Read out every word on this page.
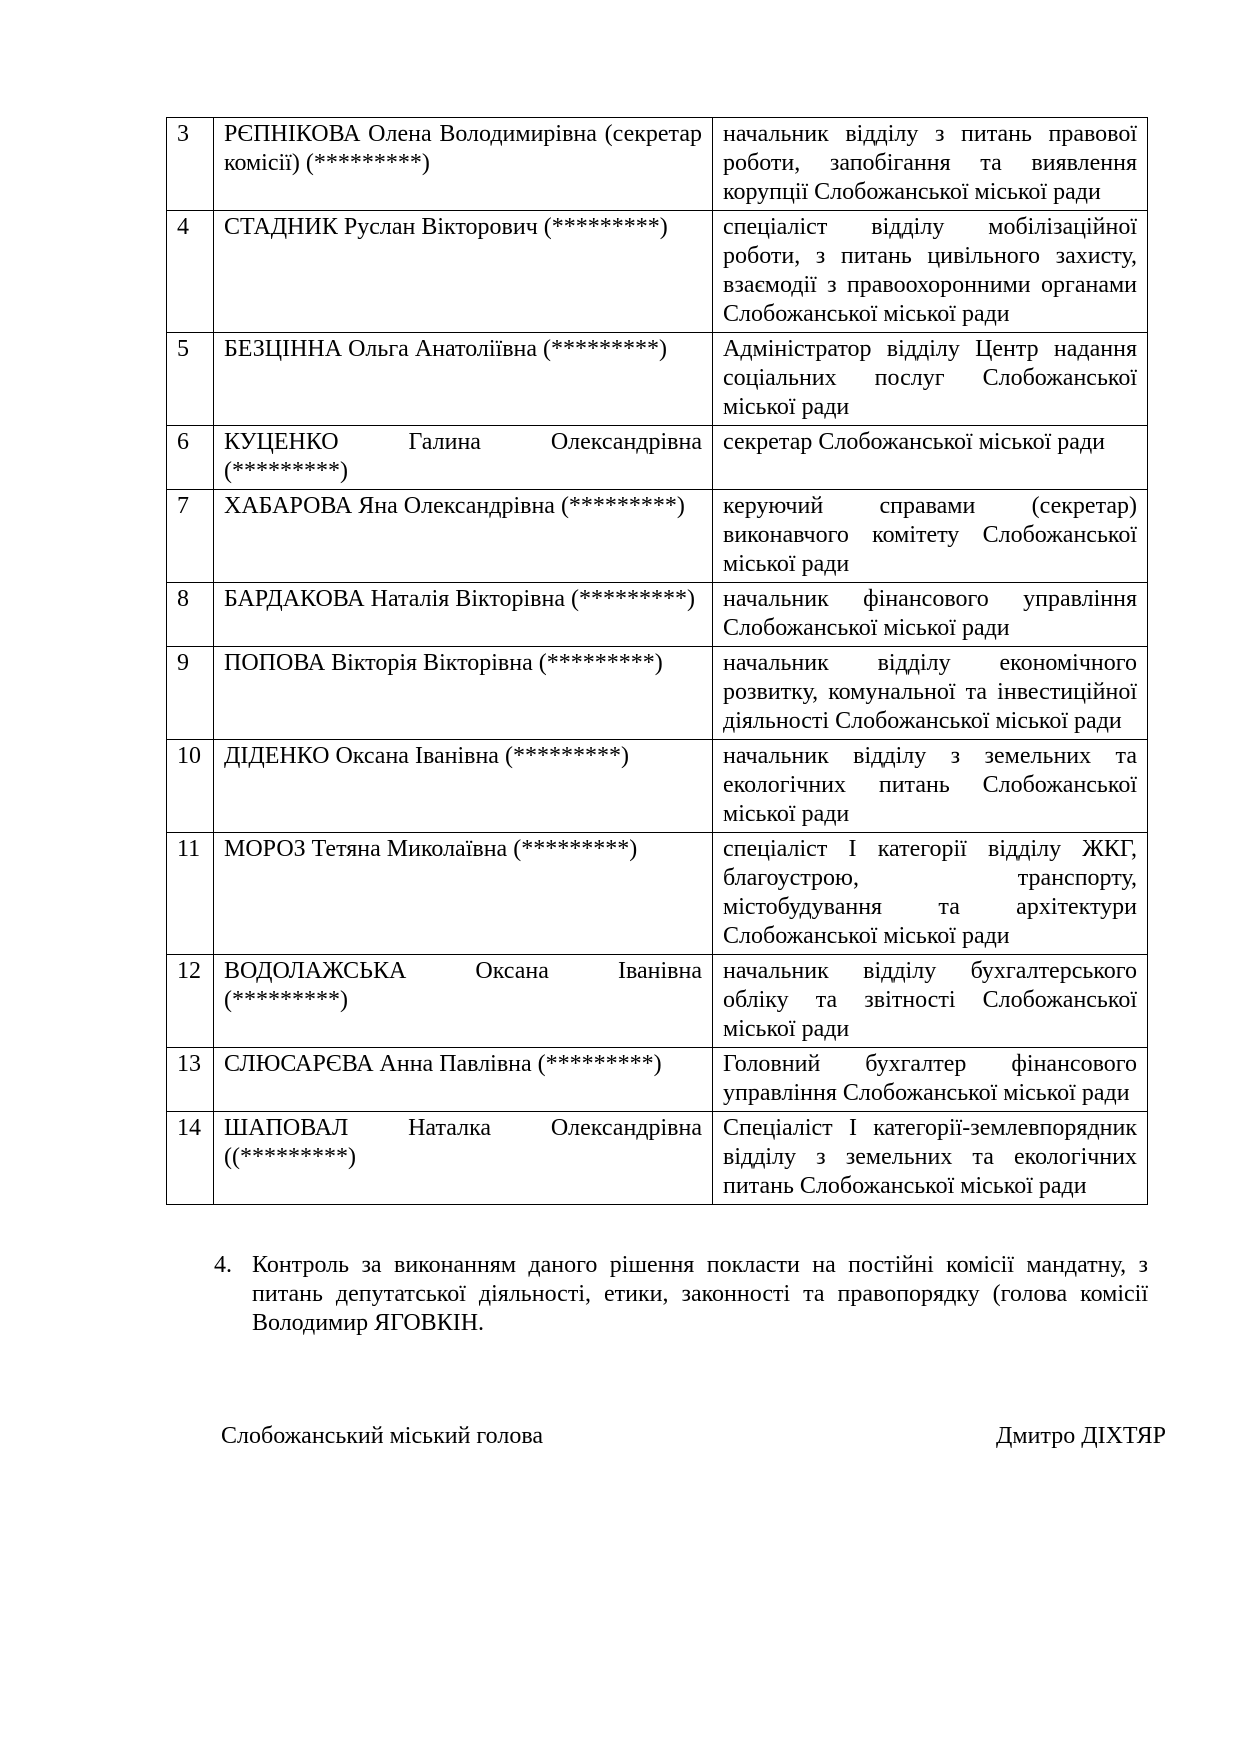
3	РЄПНІКОВА Олена Володимирівна (секретар комісії) (*********)	начальник відділу з питань правової роботи, запобігання та виявлення корупції Слобожанської міської ради
4	СТАДНИК Руслан Вікторович (*********)	спеціаліст відділу мобілізаційної роботи, з питань цивільного захисту, взаємодії з правоохоронними органами Слобожанської міської ради
5	БЕЗЦІННА Ольга Анатоліївна (*********)	Адміністратор відділу Центр надання соціальних послуг Слобожанської міської ради
6	КУЦЕНКО Галина Олександрівна (*********)	секретар Слобожанської міської ради
7	ХАБАРОВА Яна Олександрівна (*********)	керуючий справами (секретар) виконавчого комітету Слобожанської міської ради
8	БАРДАКОВА Наталія Вікторівна (*********)	начальник фінансового управління Слобожанської міської ради
9	ПОПОВА Вікторія Вікторівна (*********)	начальник відділу економічного розвитку, комунальної та інвестиційної діяльності Слобожанської міської ради
10	ДІДЕНКО Оксана Іванівна (*********)	начальник відділу з земельних та екологічних питань Слобожанської міської ради
11	МОРОЗ Тетяна Миколаївна (*********)	спеціаліст І категорії відділу ЖКГ, благоустрою, транспорту, містобудування та архітектури Слобожанської міської ради
12	ВОДОЛАЖСЬКА Оксана Іванівна (*********)	начальник відділу бухгалтерського обліку та звітності Слобожанської міської ради
13	СЛЮСАРЄВА Анна Павлівна (*********)	Головний бухгалтер фінансового управління Слобожанської міської ради
14	ШАПОВАЛ Наталка Олександрівна ((*********)	Спеціаліст І категорії-землевпорядник відділу з земельних та екологічних питань Слобожанської міської ради
4. Контроль за виконанням даного рішення покласти на постійні комісії мандатну, з питань депутатської діяльності, етики, законності та правопорядку (голова комісії Володимир ЯГОВКІН.
Слобожанський міський голова	Дмитро ДІХТЯР
